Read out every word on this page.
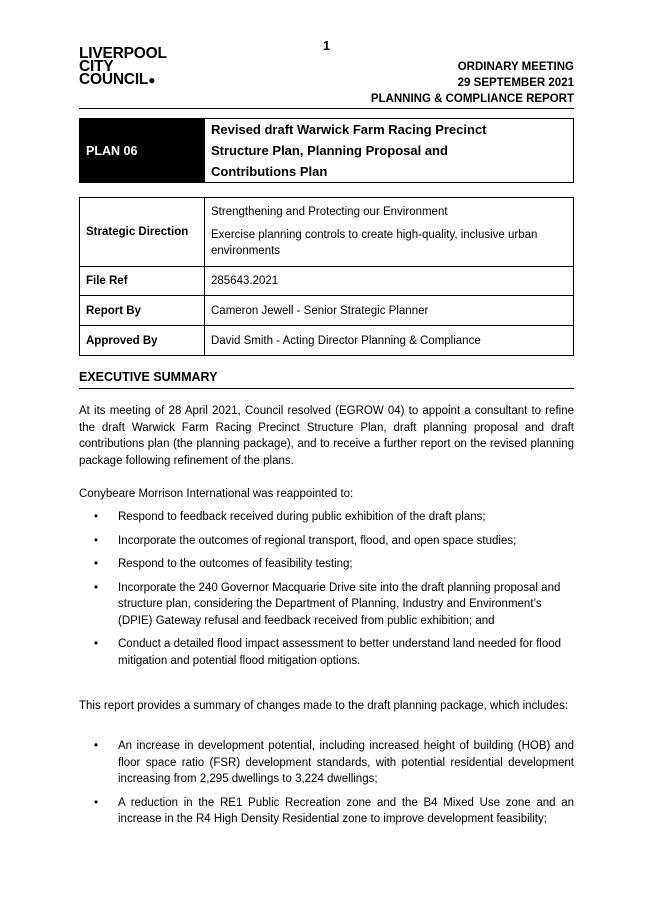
1
LIVERPOOL
CITY
COUNCIL●
ORDINARY MEETING
29 SEPTEMBER 2021
PLANNING & COMPLIANCE REPORT
PLAN 06	
Revised draft Warwick Farm Racing Precinct
Structure Plan, Planning Proposal and
Contributions Plan
Strategic Direction	Strengthening and Protecting our Environment
Exercise planning controls to create high-quality, inclusive urban environments

File Ref	285643.2021
Report By	Cameron Jewell - Senior Strategic Planner
Approved By	David Smith - Acting Director Planning & Compliance
EXECUTIVE SUMMARY
At its meeting of 28 April 2021, Council resolved (EGROW 04) to appoint a consultant to refine the draft Warwick Farm Racing Precinct Structure Plan, draft planning proposal and draft contributions plan (the planning package), and to receive a further report on the revised planning package following refinement of the plans.
Conybeare Morrison International was reappointed to:
• Respond to feedback received during public exhibition of the draft plans;
• Incorporate the outcomes of regional transport, flood, and open space studies;
• Respond to the outcomes of feasibility testing;
• Incorporate the 240 Governor Macquarie Drive site into the draft planning proposal and structure plan, considering the Department of Planning, Industry and Environment’s (DPIE) Gateway refusal and feedback received from public exhibition; and
• Conduct a detailed flood impact assessment to better understand land needed for flood mitigation and potential flood mitigation options.
This report provides a summary of changes made to the draft planning package, which includes:
• An increase in development potential, including increased height of building (HOB) and floor space ratio (FSR) development standards, with potential residential development increasing from 2,295 dwellings to 3,224 dwellings;
• A reduction in the RE1 Public Recreation zone and the B4 Mixed Use zone and an increase in the R4 High Density Residential zone to improve development feasibility;
